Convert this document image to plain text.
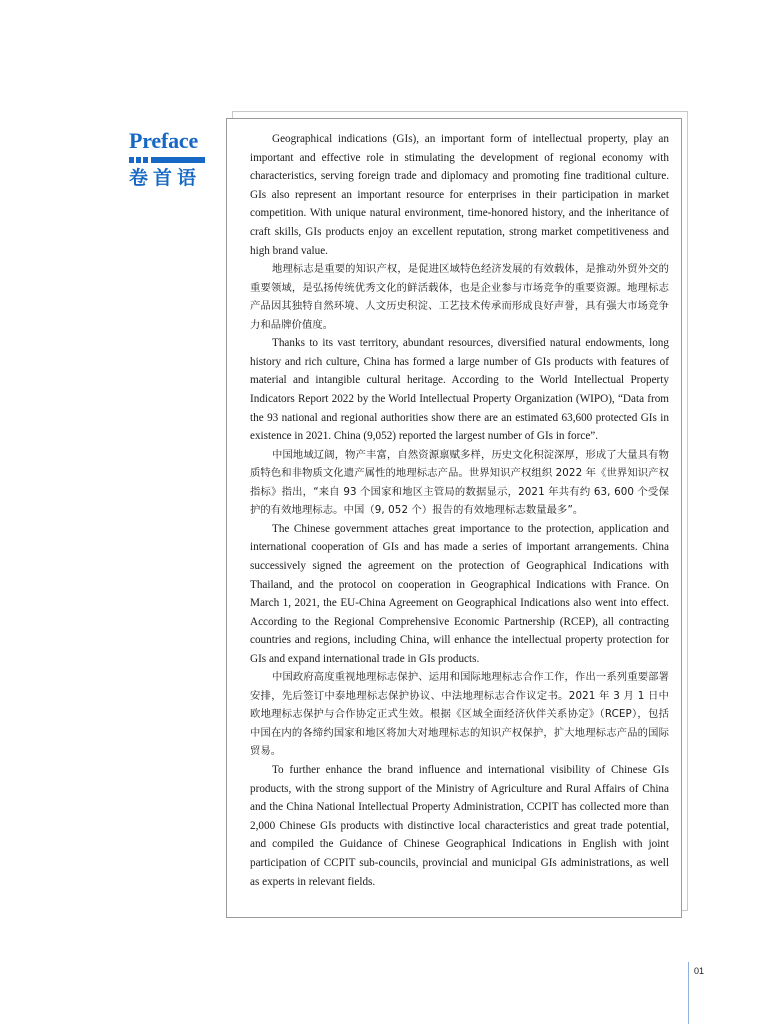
Preface
卷首语

Geographical indications (GIs), an important form of intellectual property, play an important and effective role in stimulating the development of regional economy with characteristics, serving foreign trade and diplomacy and promoting fine traditional culture. GIs also represent an important resource for enterprises in their participation in market competition. With unique natural environment, time-honored history, and the inheritance of craft skills, GIs products enjoy an excellent reputation, strong market competitiveness and high brand value.

地理标志是重要的知识产权，是促进区域特色经济发展的有效载体，是推动外贸外交的重要领域，是弘扬传统优秀文化的鲜活载体，也是企业参与市场竞争的重要资源。地理标志产品因其独特自然环境、人文历史积淀、工艺技术传承而形成良好声誉，具有强大市场竞争力和品牌价值度。

Thanks to its vast territory, abundant resources, diversified natural endowments, long history and rich culture, China has formed a large number of GIs products with features of material and intangible cultural heritage. According to the World Intellectual Property Indicators Report 2022 by the World Intellectual Property Organization (WIPO), “Data from the 93 national and regional authorities show there are an estimated 63,600 protected GIs in existence in 2021. China (9,052) reported the largest number of GIs in force”.

中国地域辽阔，物产丰富，自然资源禀赋多样，历史文化积淀深厚，形成了大量具有物质特色和非物质文化遗产属性的地理标志产品。世界知识产权组织 2022 年《世界知识产权指标》指出，“来自 93 个国家和地区主管局的数据显示，2021 年共有约 63, 600 个受保护的有效地理标志。中国（9, 052 个）报告的有效地理标志数量最多”。

The Chinese government attaches great importance to the protection, application and international cooperation of GIs and has made a series of important arrangements. China successively signed the agreement on the protection of Geographical Indications with Thailand, and the protocol on cooperation in Geographical Indications with France. On March 1, 2021, the EU-China Agreement on Geographical Indications also went into effect. According to the Regional Comprehensive Economic Partnership (RCEP), all contracting countries and regions, including China, will enhance the intellectual property protection for GIs and expand international trade in GIs products.

中国政府高度重视地理标志保护、运用和国际地理标志合作工作，作出一系列重要部署安排，先后签订中泰地理标志保护协议、中法地理标志合作议定书。2021 年 3 月 1 日中欧地理标志保护与合作协定正式生效。根据《区域全面经济伙伴关系协定》（RCEP），包括中国在内的各缔约国家和地区将加大对地理标志的知识产权保护，扩大地理标志产品的国际贸易。

To further enhance the brand influence and international visibility of Chinese GIs products, with the strong support of the Ministry of Agriculture and Rural Affairs of China and the China National Intellectual Property Administration, CCPIT has collected more than 2,000 Chinese GIs products with distinctive local characteristics and great trade potential, and compiled the Guidance of Chinese Geographical Indications in English with joint participation of CCPIT sub-councils, provincial and municipal GIs administrations, as well as experts in relevant fields.

01
